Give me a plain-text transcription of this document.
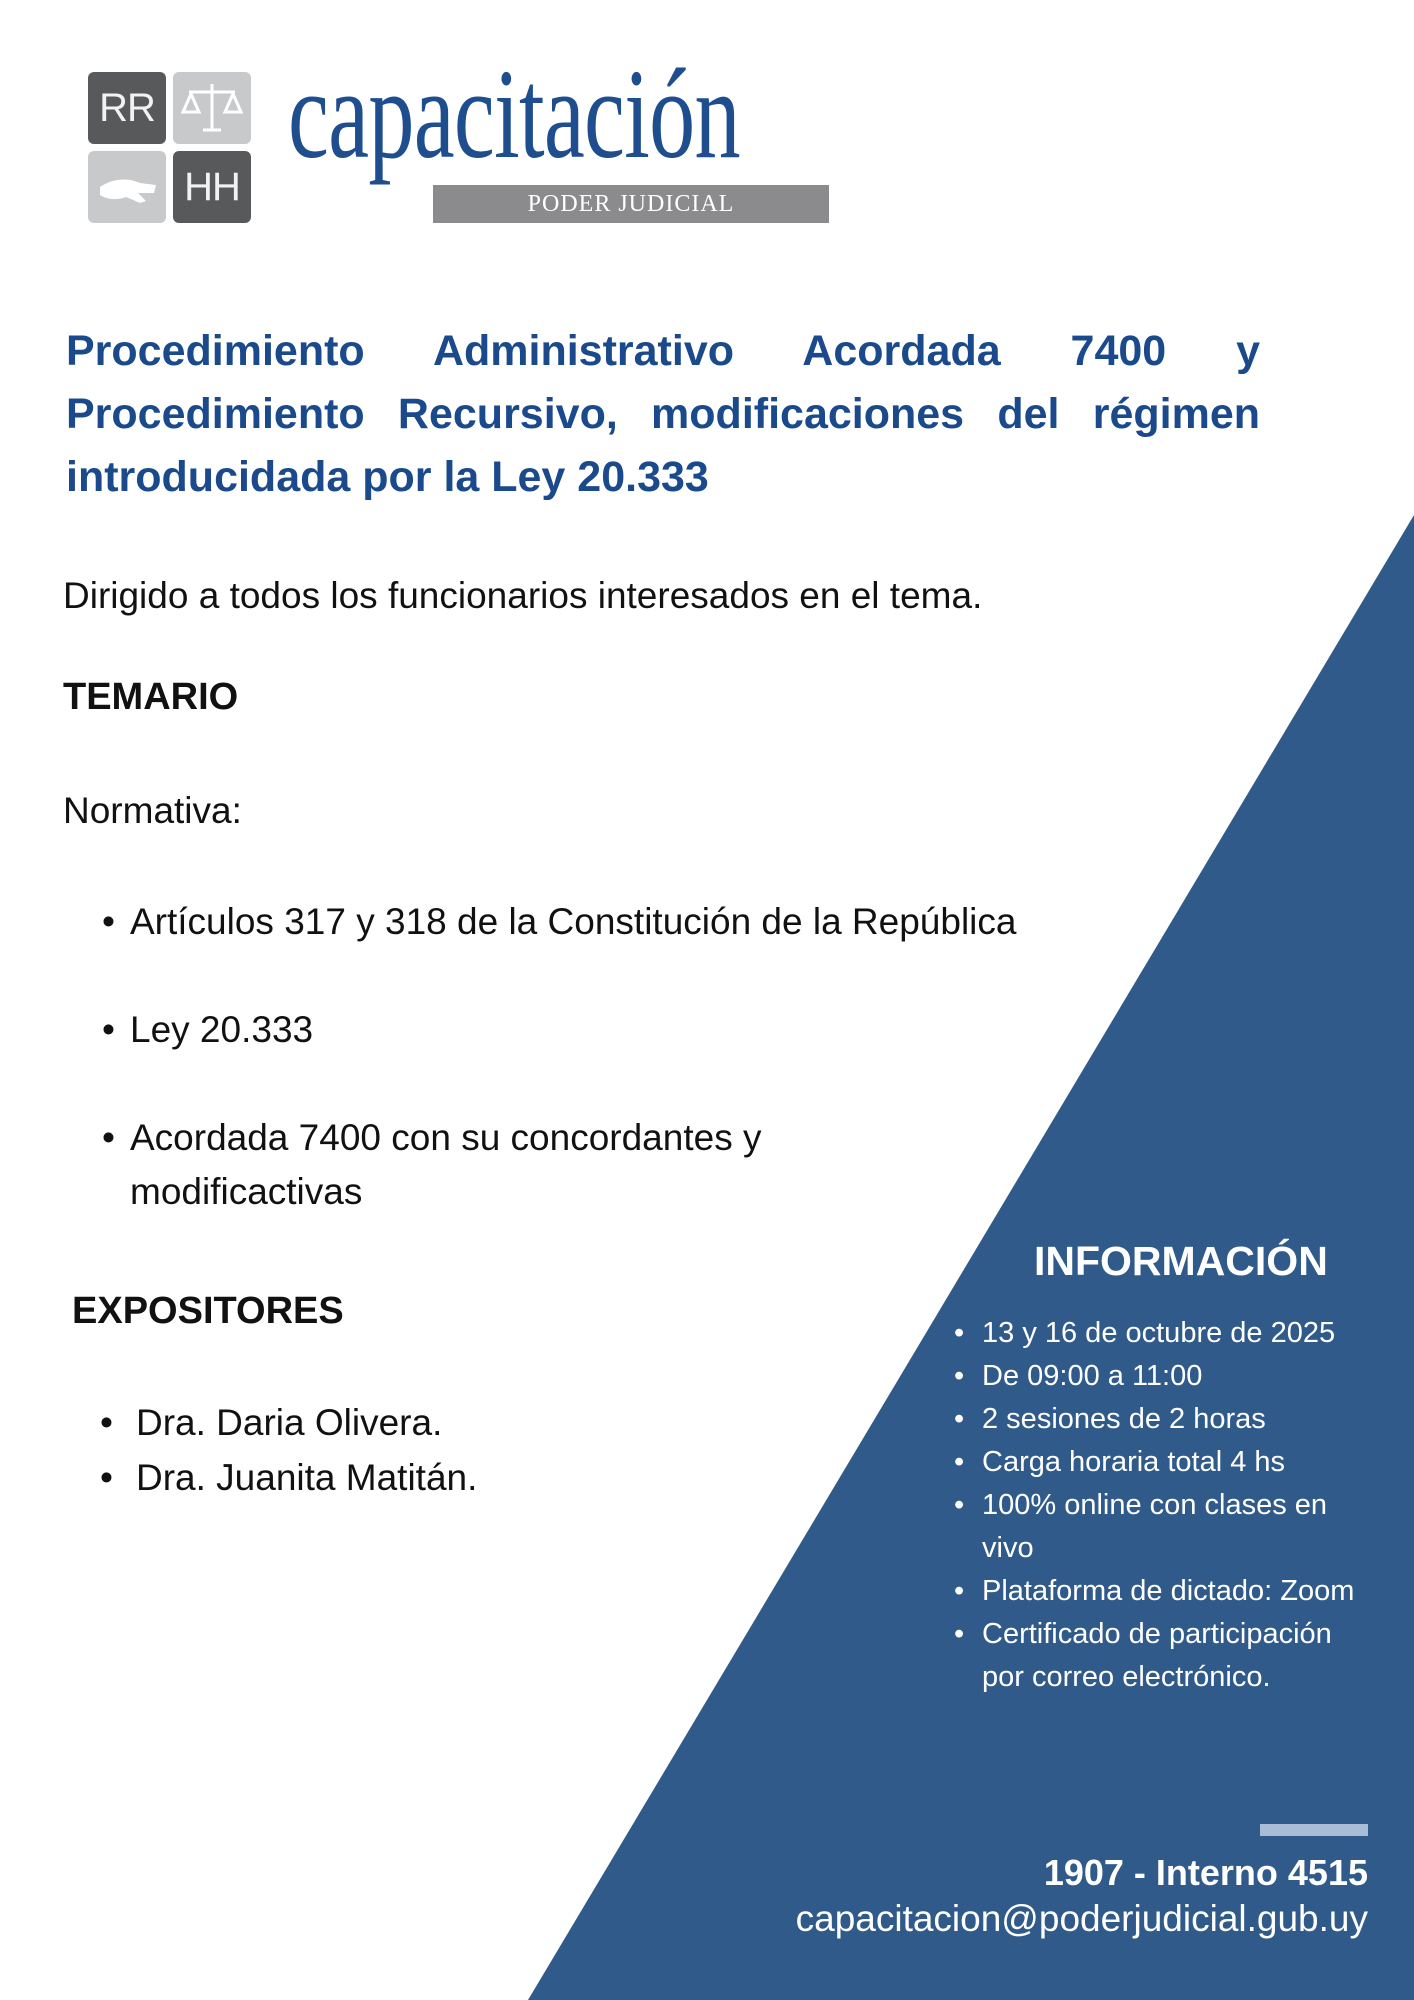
RR
HH
capacitación
PODER JUDICIAL
Procedimiento Administrativo Acordada 7400 y Procedimiento Recursivo, modificaciones del régimen introducidada por la Ley 20.333
Dirigido a todos los funcionarios interesados en el tema.
TEMARIO
Normativa:
• Artículos 317 y 318 de la Constitución de la República
• Ley 20.333
• Acordada 7400 con su concordantes y modificactivas
EXPOSITORES
• Dra. Daria Olivera.
• Dra. Juanita Matitán.
INFORMACIÓN
• 13 y 16 de octubre de 2025
• De 09:00 a 11:00
• 2 sesiones de 2 horas
• Carga horaria total 4 hs
• 100% online con clases en vivo
• Plataforma de dictado: Zoom
• Certificado de participación por correo electrónico.
1907 - Interno 4515
capacitacion@poderjudicial.gub.uy
